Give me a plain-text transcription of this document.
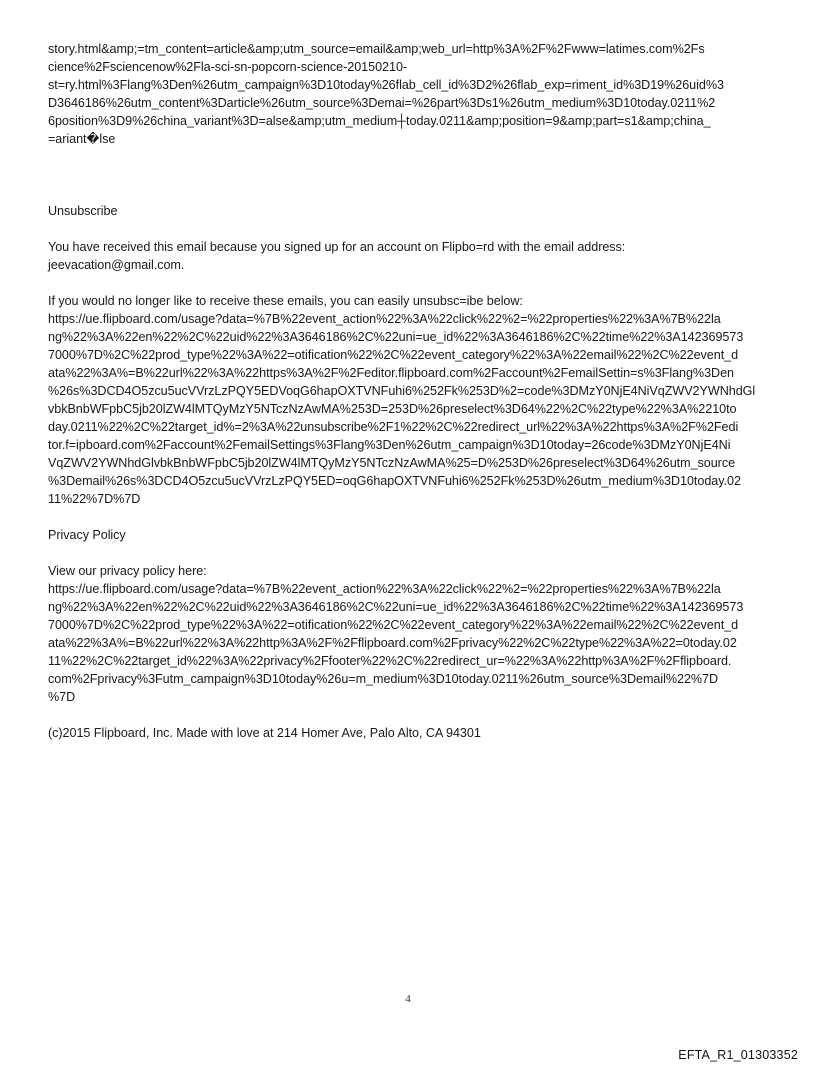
story.html&amp;=tm_content=article&amp;utm_source=email&amp;web_url=http%3A%2F%2Fwww=latimes.com%2Fs
cience%2Fsciencenow%2Fla-sci-sn-popcorn-science-20150210-
st=ry.html%3Flang%3Den%26utm_campaign%3D10today%26flab_cell_id%3D2%26flab_exp=riment_id%3D19%26uid%3
D3646186%26utm_content%3Darticle%26utm_source%3Demai=%26part%3Ds1%26utm_medium%3D10today.0211%2
6position%3D9%26china_variant%3D=alse&amp;utm_medium┼today.0211&amp;position=9&amp;part=s1&amp;china_
=ariant�lse
Unsubscribe
You have received this email because you signed up for an account on Flipbo=rd with the email address:
jeevacation@gmail.com.
If you would no longer like to receive these emails, you can easily unsubsc=ibe below:
https://ue.flipboard.com/usage?data=%7B%22event_action%22%3A%22click%22%2=%22properties%22%3A%7B%22la
ng%22%3A%22en%22%2C%22uid%22%3A3646186%2C%22uni=ue_id%22%3A3646186%2C%22time%22%3A142369573
7000%7D%2C%22prod_type%22%3A%22=otification%22%2C%22event_category%22%3A%22email%22%2C%22event_d
ata%22%3A%=B%22url%22%3A%22https%3A%2F%2Feditor.flipboard.com%2Faccount%2FemailSettin=s%3Flang%3Den
%26s%3DCD4O5zcu5ucVVrzLzPQY5EDVoqG6hapOXTVNFuhi6%252Fk%253D%2=code%3DMzY0NjE4NiVqZWV2YWNhdGl
vbkBnbWFpbC5jb20lZW4lMTQyMzY5NTczNzAwMA%253D=253D%26preselect%3D64%22%2C%22type%22%3A%2210to
day.0211%22%2C%22target_id%=2%3A%22unsubscribe%2F1%22%2C%22redirect_url%22%3A%22https%3A%2F%2Fedi
tor.f=ipboard.com%2Faccount%2FemailSettings%3Flang%3Den%26utm_campaign%3D10today=26code%3DMzY0NjE4Ni
VqZWV2YWNhdGlvbkBnbWFpbC5jb20lZW4lMTQyMzY5NTczNzAwMA%25=D%253D%26preselect%3D64%26utm_source
%3Demail%26s%3DCD4O5zcu5ucVVrzLzPQY5ED=oqG6hapOXTVNFuhi6%252Fk%253D%26utm_medium%3D10today.02
11%22%7D%7D
Privacy Policy
View our privacy policy here:
https://ue.flipboard.com/usage?data=%7B%22event_action%22%3A%22click%22%2=%22properties%22%3A%7B%22la
ng%22%3A%22en%22%2C%22uid%22%3A3646186%2C%22uni=ue_id%22%3A3646186%2C%22time%22%3A142369573
7000%7D%2C%22prod_type%22%3A%22=otification%22%2C%22event_category%22%3A%22email%22%2C%22event_d
ata%22%3A%=B%22url%22%3A%22http%3A%2F%2Fflipboard.com%2Fprivacy%22%2C%22type%22%3A%22=0today.02
11%22%2C%22target_id%22%3A%22privacy%2Ffooter%22%2C%22redirect_ur=%22%3A%22http%3A%2F%2Fflipboard.
com%2Fprivacy%3Futm_campaign%3D10today%26u=m_medium%3D10today.0211%26utm_source%3Demail%22%7D
%7D
(c)2015 Flipboard, Inc. Made with love at 214 Homer Ave, Palo Alto, CA 94301
4
EFTA_R1_01303352
